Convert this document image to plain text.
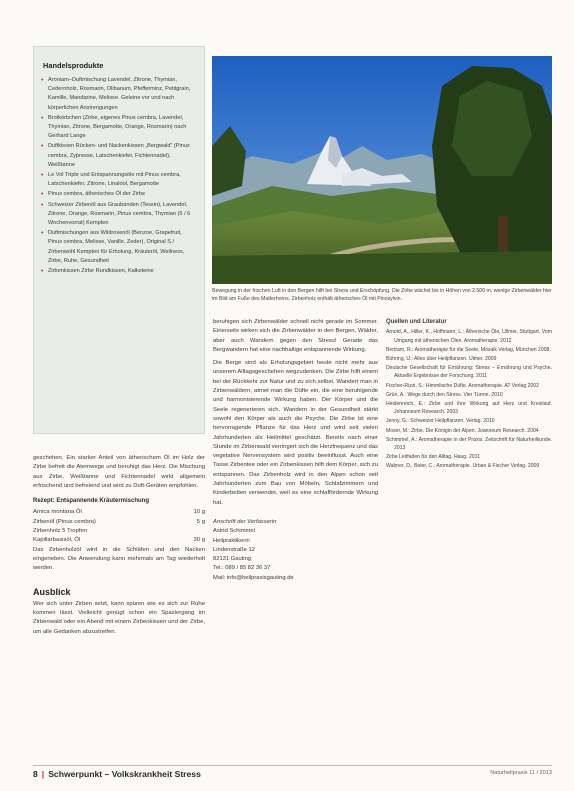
Handelsprodukte
• Aroniam–Duftmischung Lavendel, Zitrone, Thymian, Cedernholz, Rosmarin, Olibanum, Pfefferminz, Petitgrain, Kamille, Mandarine, Melisse. Geleine vor und nach körperlichen Anstrengungen
• Brotkörbchen (Zirbe, eigenes Pinus cembra, Lavendel, Thymian, Zitrone, Bergamotte, Orange, Rosmarin) nach Gerhard Lange
• Duftkissen Rücken- und Nackenkissen „Bergwald“ (Pinus cembra, Zypresse, Latschenkiefer, Fichtennadel), Weißtanne
• Le Vol Triple und Entspannungsöle mit Pinus cembra, Latschenkiefer, Zitrone, Linalool, Bergamotte
• Pinus cembra, ätherisches Öl der Zirbe
• Schweizer Zirbenöl aus Graubünden (Tessin), Lavendel, Zitrone, Orange, Rosmarin, Pinus cembra, Thymian (5 / 6 Wochenvorrat) Kempten
• Duftmischungen aus Wildrosenöl (Benzoe, Grapefruit, Pinus cembra, Melisse, Vanille, Zeder), Original S / Zirbenwohl Kempten für Erholung, Kräuteröl, Wellness, Zirbe, Ruhe, Gesundheit
• Zirbenkissen Zirbe Rundkissen, Kalksteine
Bewegung in der frischen Luft in den Bergen hilft bei Stress und Erschöpfung. Die Zirbe wächst bis in Höhen von 2.500 m, wenige Zirbenwälder hier im Bild am Fuße des Matterhorns. Zirbenholz enthält ätherisches Öl mit Pinosylvin.

geschehen. Ein starker Anteil von ätherischem Öl im Holz der Zirbe befreit die Atemwege und beruhigt das Herz. Die Mischung aus Zirbe, Weißtanne und Fichtennadel wirkt allgemein erfrischend und befreiend und wird zu Duft-Geräten empfohlen.

Rezept: Entspannende Kräutermischung
Arnica montana Öl	10 g
Zirbenöl (Pinus cembra)	5 g
Zirbenholz 5 Tropfen
Kapillarbasisöl, Öl	30 g

Das Zirbenholzöl wird in die Schläfen und den Nacken eingerieben. Die Anwendung kann mehrmals am Tag wiederholt werden.

Ausblick

Wer sich unter Zirben setzt, kann spüren wie es sich zur Ruhe kommen lässt. Vielleicht genügt schon ein Spaziergang im Zirbenwald oder ein Abend mit einem Zirbenkissen und der Zirbe, um alle Gedanken abzustreifen.

beruhigen sich Zirbenwälder schnell nicht gerade im Sommer. Einerseits wirken sich die Zirbenwälder in den Bergen, Wälder, aber auch Wandern gegen den Stress! Gerade das Bergwandern hat eine nachhaltige entspannende Wirkung.

Die Berge sind als Erholungsgebiet heute nicht mehr aus unserem Alltagsgeschehen wegzudenken. Die Zirbe hilft einem bei der Rückkehr zur Natur und zu sich selbst. Wandert man in Zirbenwäldern, atmet man die Düfte ein, die eine beruhigende und harmonisierende Wirkung haben. Der Körper und die Seele regenerieren sich. Wandern in der Gesundheit stärkt sowohl den Körper als auch die Psyche. Die Zirbe ist eine hervorragende Pflanze für das Herz und wird seit vielen Jahrhunderten als Heilmittel geschätzt. Bereits nach einer Stunde im Zirbenwald verringert sich die Herzfrequenz und das vegetative Nervensystem wird positiv beeinflusst. Auch eine Tasse Zirbentee oder ein Zirbenkissen hilft dem Körper, sich zu entspannen. Das Zirbenholz wird in den Alpen schon seit Jahrhunderten zum Bau von Möbeln, Schlafzimmern und Kinderbetten verwendet, weil es eine schlaffördernde Wirkung hat.

Anschrift der Verfasserin
Astrid Schimmel
Heilpraktikerin
Lindenstraße 12
82131 Gauting
Tel.: 089 / 85 82 36 37
Mail: info@heilpraxisgauting.de
Quellen und Literatur
Arnold, A., Hiller, K., Hoffmann, L.: Ätherische Öle, Ullmer, Stuttgart. Vom Umgang mit ätherischen Ölen. Aromatherapie. 2012
Bertram, R.: Aromatherapie für die Seele, Mosaik Verlag, München 2008
Bühring, U.: Alles über Heilpflanzen. Ulmer. 2009
Deutsche Gesellschaft für Ernährung: Stress – Ernährung und Psyche. Aktuelle Ergebnisse der Forschung. 2011
Fischer-Rizzi, S.: Himmlische Düfte. Aromatherapie. AT Verlag 2002
Grün, A.: Wege durch den Stress. Vier Türme. 2010
Heidenreich, E.: Zirbe und ihre Wirkung auf Herz und Kreislauf. Johanneum Research. 2003
Jenny, G.: Schweizer Heilpflanzen. Verlag. 2010
Moser, M.: Zirbe. Die Königin der Alpen. Joanneum Research. 2004
Schimmel, A.: Aromatherapie in der Praxis. Zeitschrift für Naturheilkunde. 2013
Zirbe Leitfaden für den Alltag. Haug. 2011
Wabner, D., Beier, C.: Aromatherapie. Urban & Fischer Verlag. 2009
8 | Schwerpunkt – Volkskrankheit Stress	Naturheilpraxis 11 / 2013
